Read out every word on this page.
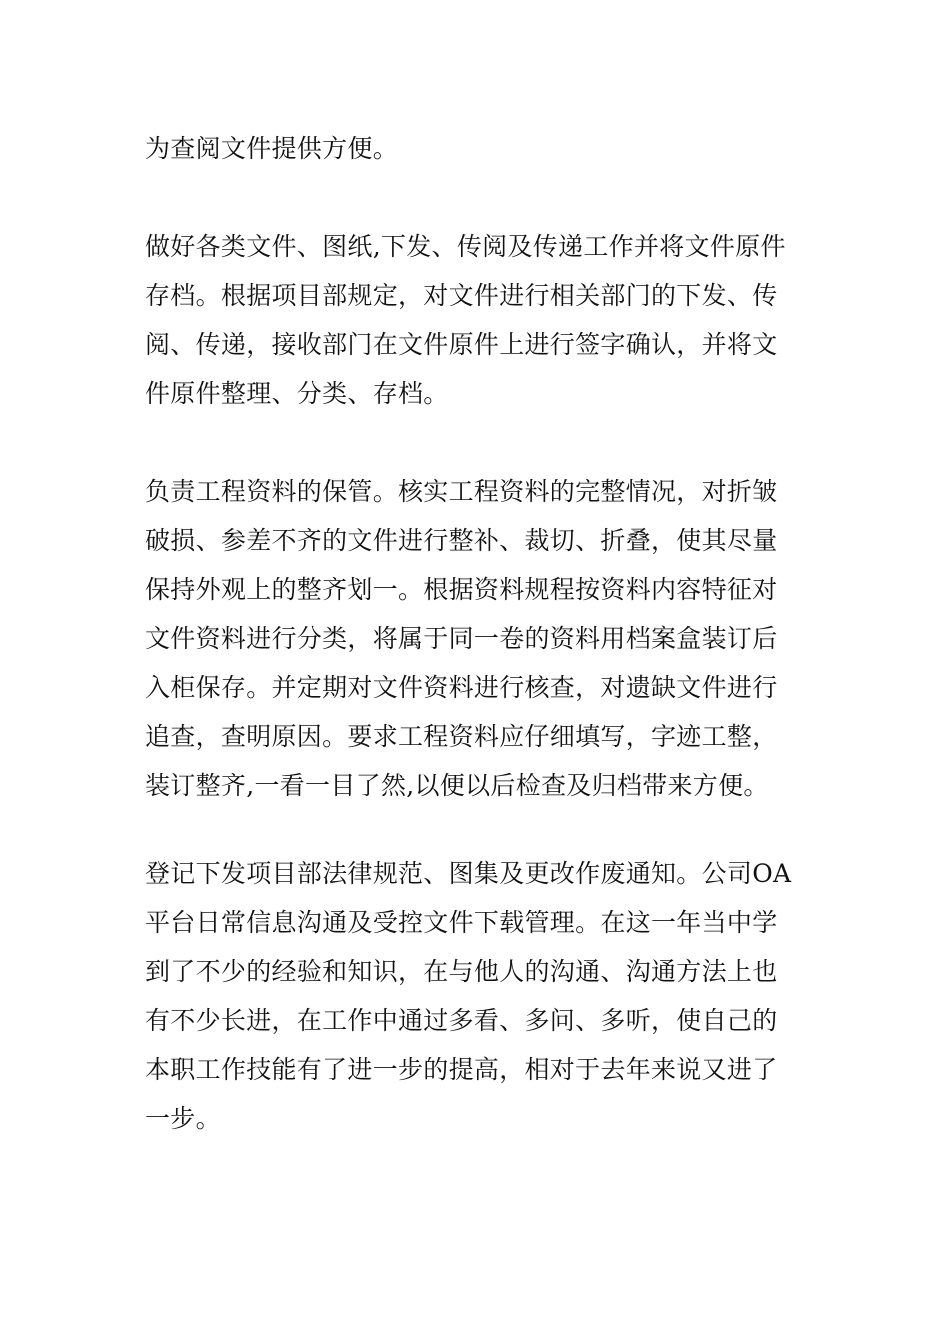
为查阅文件提供方便。

做好各类文件、图纸,下发、传阅及传递工作并将文件原件
存档。根据项目部规定，对文件进行相关部门的下发、传
阅、传递，接收部门在文件原件上进行签字确认，并将文
件原件整理、分类、存档。

负责工程资料的保管。核实工程资料的完整情况，对折皱
破损、参差不齐的文件进行整补、裁切、折叠，使其尽量
保持外观上的整齐划一。根据资料规程按资料内容特征对
文件资料进行分类，将属于同一卷的资料用档案盒装订后
入柜保存。并定期对文件资料进行核查，对遗缺文件进行
追查，查明原因。要求工程资料应仔细填写，字迹工整，
装订整齐,一看一目了然,以便以后检查及归档带来方便。

登记下发项目部法律规范、图集及更改作废通知。公司OA
平台日常信息沟通及受控文件下载管理。在这一年当中学
到了不少的经验和知识，在与他人的沟通、沟通方法上也
有不少长进，在工作中通过多看、多问、多听，使自己的
本职工作技能有了进一步的提高，相对于去年来说又进了
一步。
